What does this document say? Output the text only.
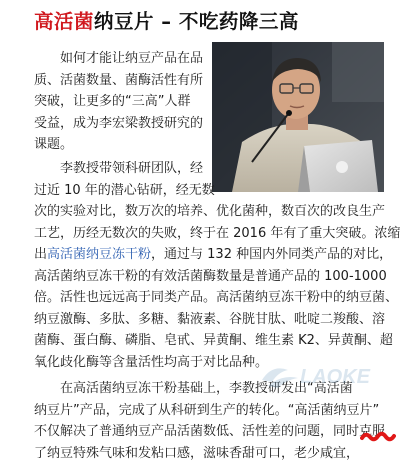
高活菌纳豆片 – 不吃药降三高
如何才能让纳豆产品在品
质、活菌数量、菌酶活性有所
突破，让更多的“三高”人群
受益，成为李宏梁教授研究的
课题。
李教授带领科研团队，经
过近 10 年的潜心钻研，经无数
次的实验对比，数万次的培养、优化菌种，数百次的改良生产
工艺，历经无数次的失败，终于在 2016 年有了重大突破。浓缩
出高活菌纳豆冻干粉，通过与 132 种国内外同类产品的对比，
高活菌纳豆冻干粉的有效活菌酶数量是普通产品的 100-1000
倍。活性也远远高于同类产品。高活菌纳豆冻干粉中的纳豆菌、
纳豆激酶、多肽、多糖、黏液素、谷胱甘肽、吡啶二羧酸、溶
菌酶、蛋白酶、磷脂、皂甙、异黄酮、维生素 K2、异黄酮、超
氧化歧化酶等含量活性均高于对比品种。
在高活菌纳豆冻干粉基础上，李教授研发出“高活菌
纳豆片”产品，完成了从科研到生产的转化。“高活菌纳豆片”
不仅解决了普通纳豆产品活菌数低、活性差的问题，同时克服
了纳豆特殊气味和发粘口感，滋味香甜可口，老少咸宜，
LAOKE
